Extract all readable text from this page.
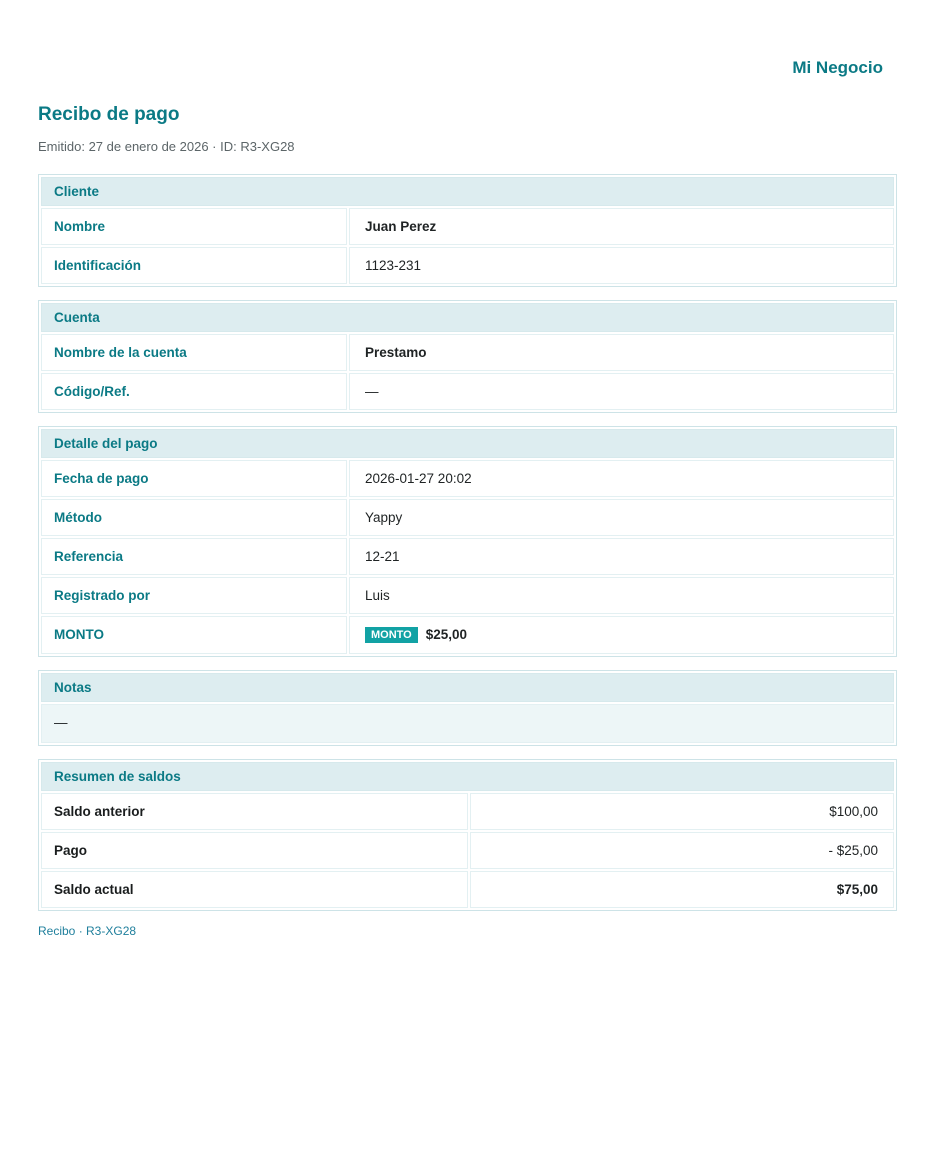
Mi Negocio
Recibo de pago
Emitido: 27 de enero de 2026 · ID: R3-XG28
Cliente
Nombre	Juan Perez
Identificación	1123-231
Cuenta
Nombre de la cuenta	Prestamo
Código/Ref.	—
Detalle del pago
Fecha de pago	2026-01-27 20:02
Método	Yappy
Referencia	12-21
Registrado por	Luis
MONTO	MONTO $25,00
Notas
—
Resumen de saldos
Saldo anterior	$100,00
Pago	- $25,00
Saldo actual	$75,00
Recibo · R3-XG28
